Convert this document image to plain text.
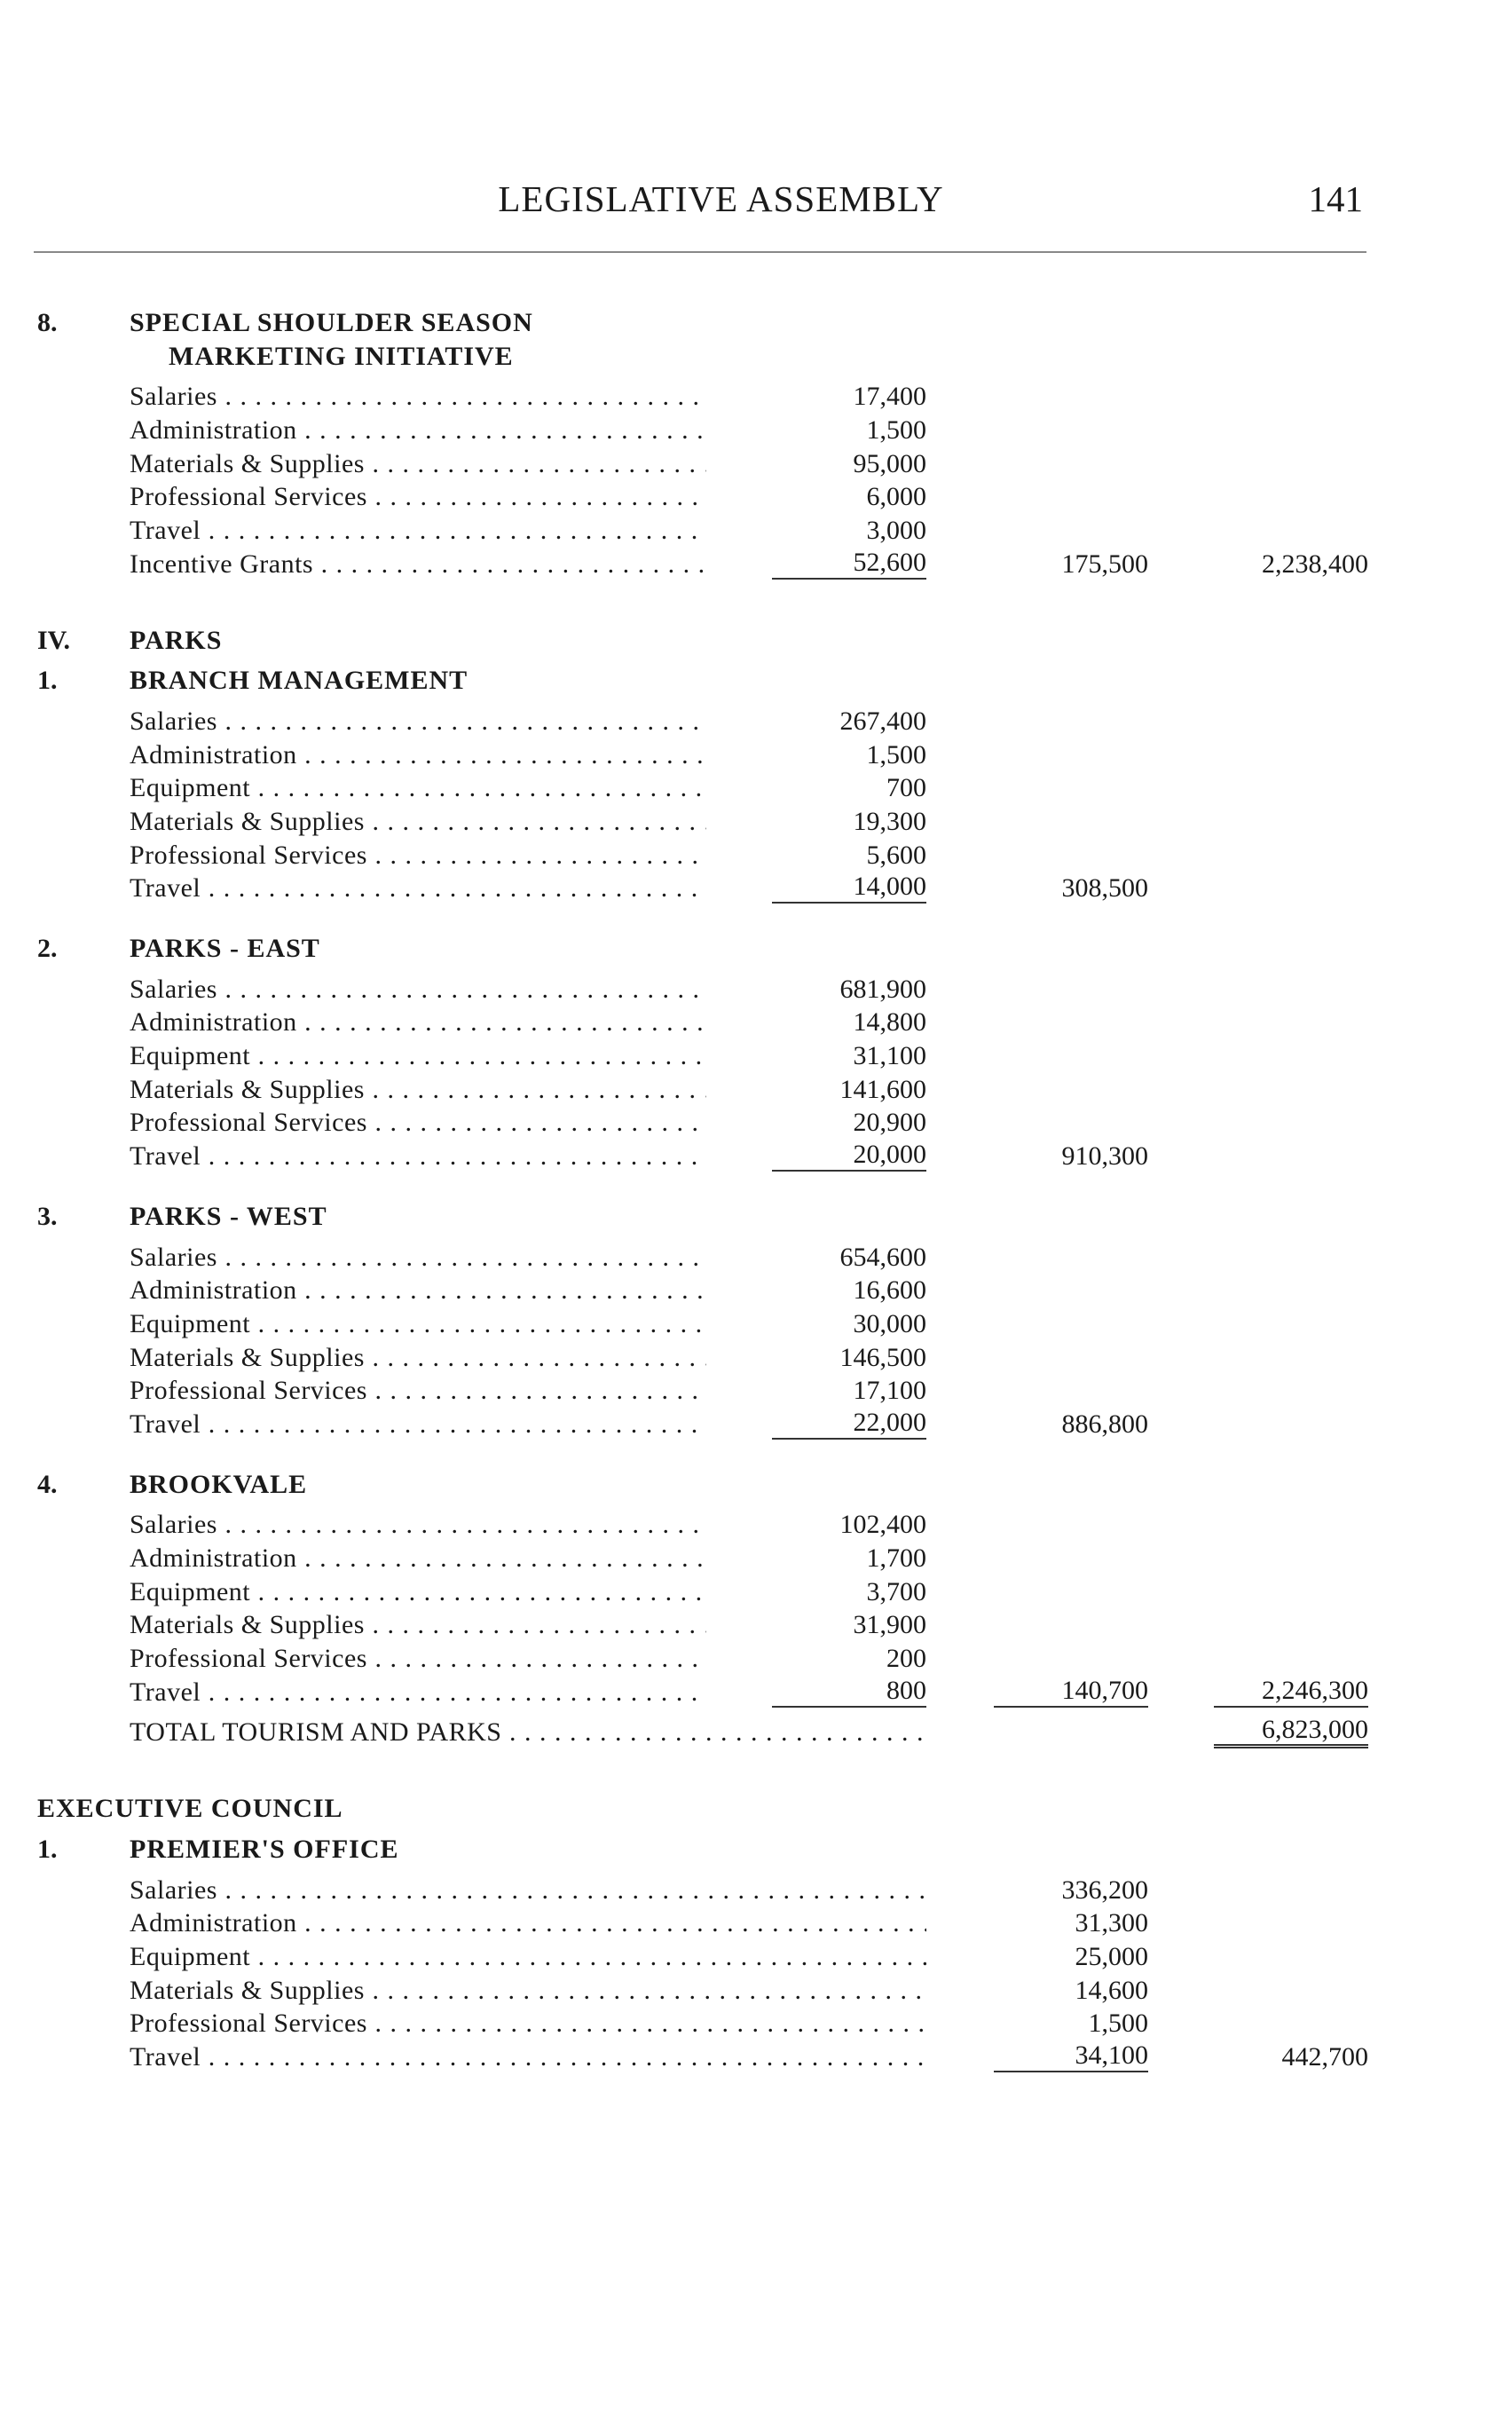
LEGISLATIVE ASSEMBLY	141
8.	SPECIAL SHOULDER SEASON
MARKETING INITIATIVE
Salaries . . .	17,400
Administration . . .	1,500
Materials & Supplies . . .	95,000
Professional Services . . .	6,000
Travel . . .	3,000
Incentive Grants . . .	52,600	175,500	2,238,400
IV. PARKS
1.	BRANCH MANAGEMENT
Salaries . . .	267,400
Administration . . .	1,500
Equipment . . .	700
Materials & Supplies . . .	19,300
Professional Services . . .	5,600
Travel . . .	14,000	308,500
2.	PARKS - EAST
Salaries . . .	681,900
Administration . . .	14,800
Equipment . . .	31,100
Materials & Supplies . . .	141,600
Professional Services . . .	20,900
Travel . . .	20,000	910,300
3.	PARKS - WEST
Salaries . . .	654,600
Administration . . .	16,600
Equipment . . .	30,000
Materials & Supplies . . .	146,500
Professional Services . . .	17,100
Travel . . .	22,000	886,800
4.	BROOKVALE
Salaries . . .	102,400
Administration . . .	1,700
Equipment . . .	3,700
Materials & Supplies . . .	31,900
Professional Services . . .	200
Travel . . .	800	140,700	2,246,300
TOTAL TOURISM AND PARKS . . .	6,823,000
EXECUTIVE COUNCIL
1.	PREMIER'S OFFICE
Salaries . . .	336,200
Administration . . .	31,300
Equipment . . .	25,000
Materials & Supplies . . .	14,600
Professional Services . . .	1,500
Travel . . .	34,100	442,700
